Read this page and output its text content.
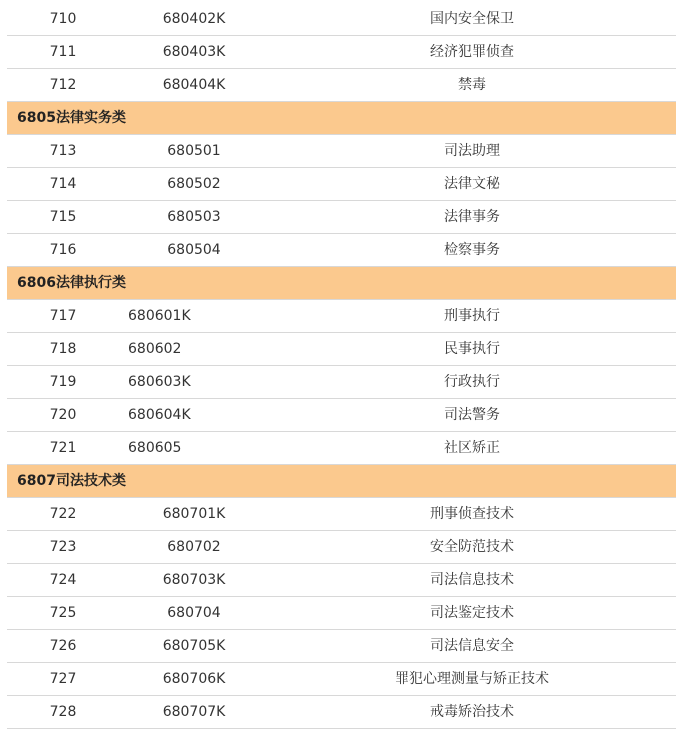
710	680402K	国内安全保卫
711	680403K	经济犯罪侦查
712	680404K	禁毒
6805法律实务类
713	680501	司法助理
714	680502	法律文秘
715	680503	法律事务
716	680504	检察事务
6806法律执行类
717	680601K	刑事执行
718	680602	民事执行
719	680603K	行政执行
720	680604K	司法警务
721	680605	社区矫正
6807司法技术类
722	680701K	刑事侦查技术
723	680702	安全防范技术
724	680703K	司法信息技术
725	680704	司法鉴定技术
726	680705K	司法信息安全
727	680706K	罪犯心理测量与矫正技术
728	680707K	戒毒矫治技术
